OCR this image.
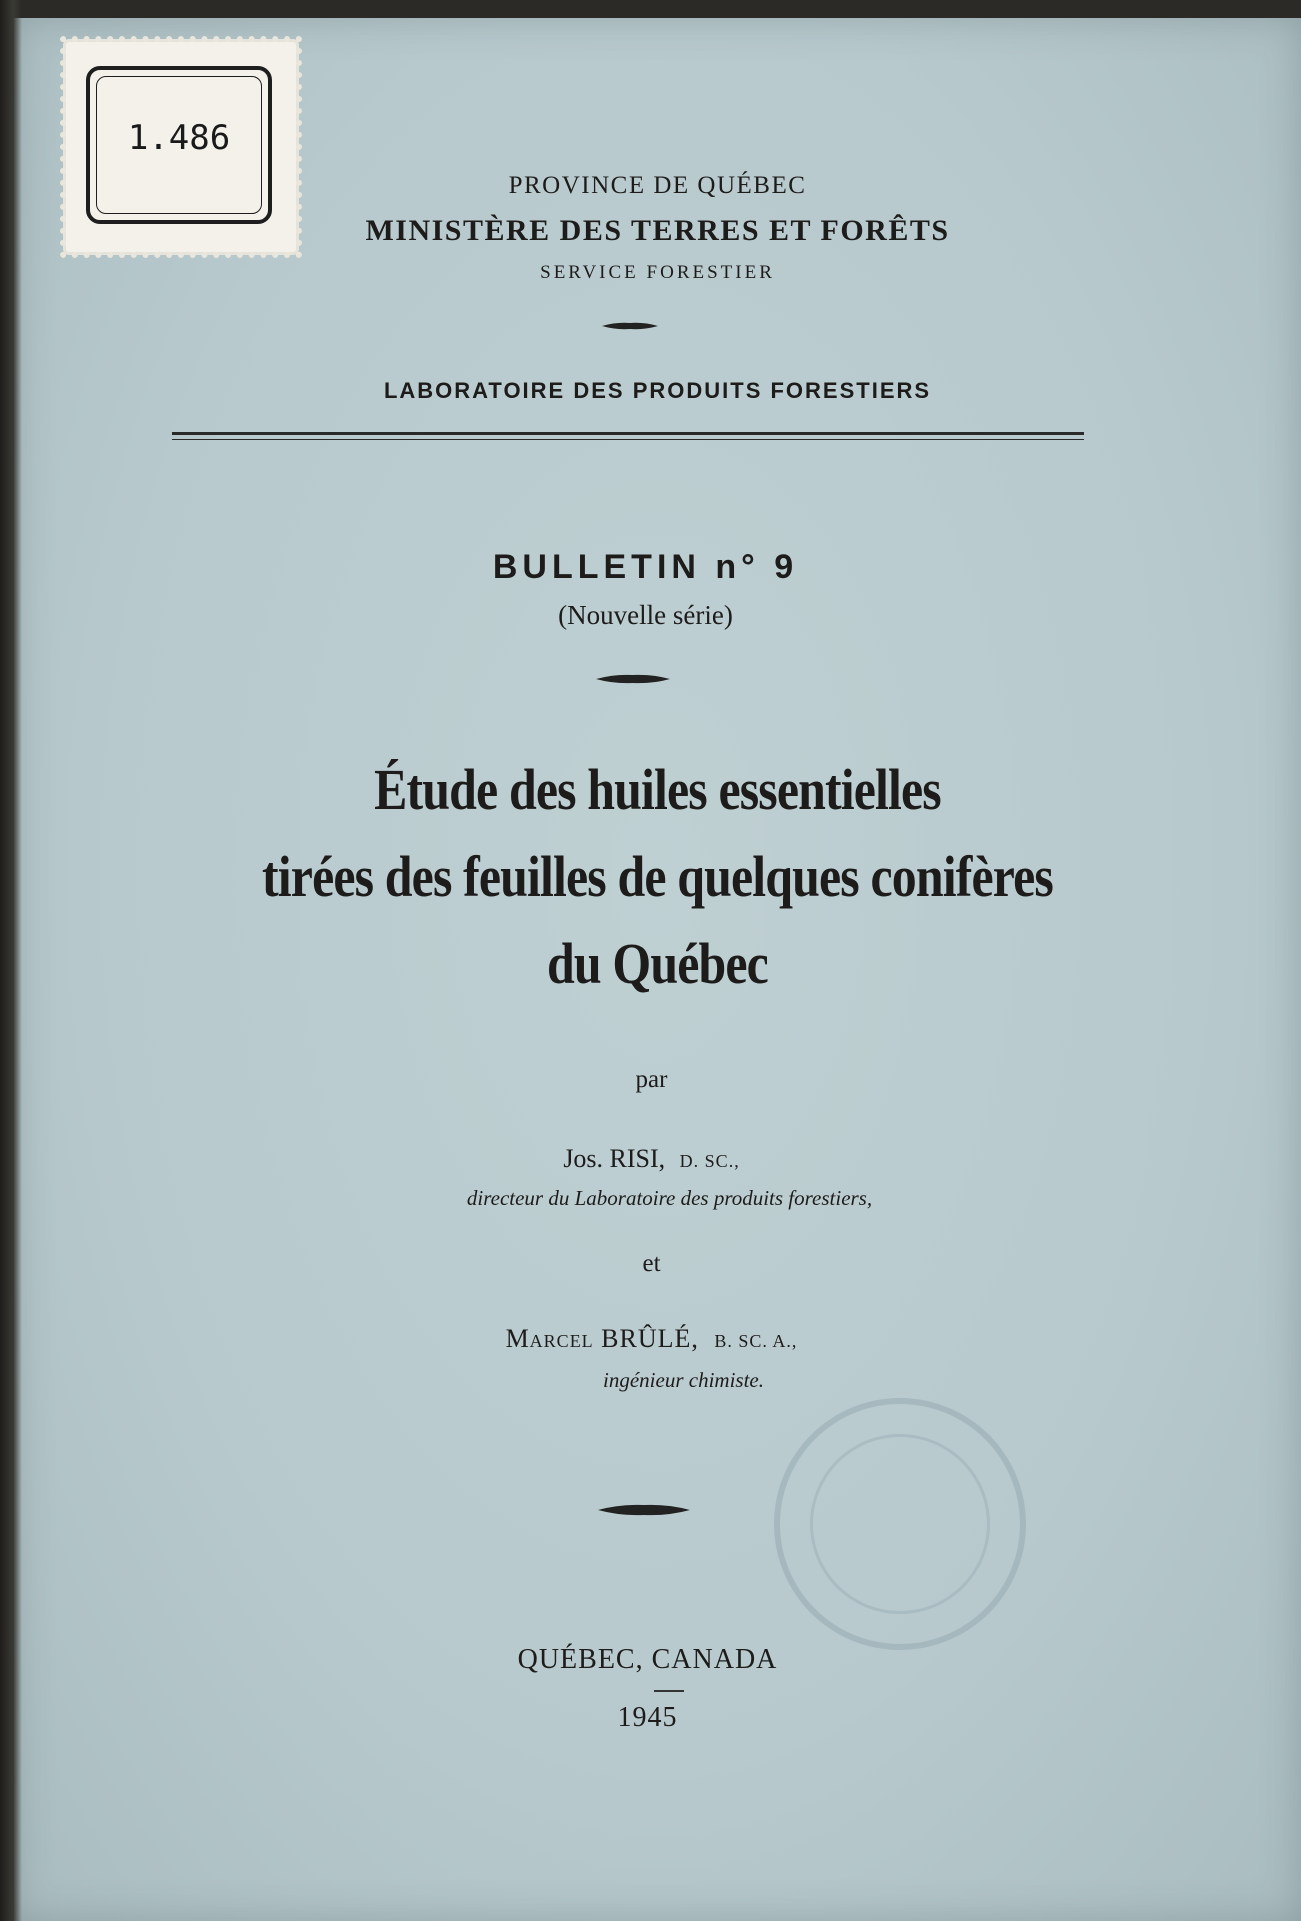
1.486
PROVINCE DE QUÉBEC
MINISTÈRE DES TERRES ET FORÊTS
SERVICE FORESTIER
LABORATOIRE DES PRODUITS FORESTIERS
BULLETIN n° 9
(Nouvelle série)
Étude des huiles essentielles
tirées des feuilles de quelques conifères
du Québec
par
Jos. RISI, D. SC.,
directeur du Laboratoire des produits forestiers,
et
Marcel BRÛLÉ, B. SC. A.,
ingénieur chimiste.
QUÉBEC, CANADA
1945
